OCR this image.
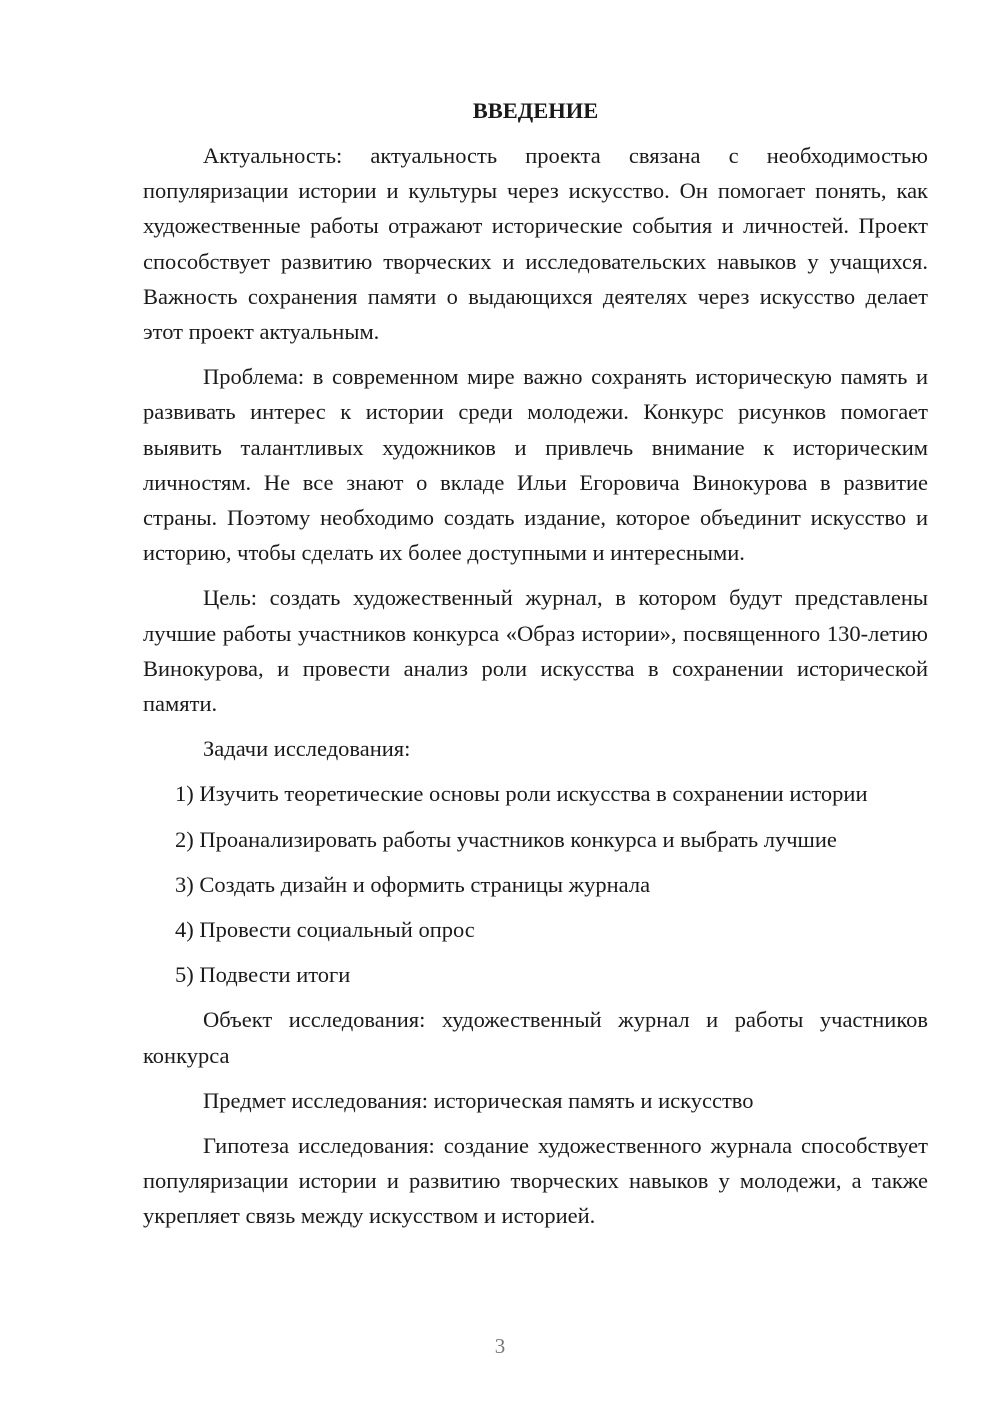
ВВЕДЕНИЕ

Актуальность: актуальность проекта связана с необходимостью популяризации истории и культуры через искусство. Он помогает понять, как художественные работы отражают исторические события и личностей. Проект способствует развитию творческих и исследовательских навыков у учащихся. Важность сохранения памяти о выдающихся деятелях через искусство делает этот проект актуальным.

Проблема: в современном мире важно сохранять историческую память и развивать интерес к истории среди молодежи. Конкурс рисунков помогает выявить талантливых художников и привлечь внимание к историческим личностям. Не все знают о вкладе Ильи Егоровича Винокурова в развитие страны. Поэтому необходимо создать издание, которое объединит искусство и историю, чтобы сделать их более доступными и интересными.

Цель: создать художественный журнал, в котором будут представлены лучшие работы участников конкурса «Образ истории», посвященного 130-летию Винокурова, и провести анализ роли искусства в сохранении исторической памяти.

Задачи исследования:

1) Изучить теоретические основы роли искусства в сохранении истории

2) Проанализировать работы участников конкурса и выбрать лучшие

3) Создать дизайн и оформить страницы журнала

4) Провести социальный опрос

5) Подвести итоги

Объект исследования: художественный журнал и работы участников конкурса

Предмет исследования: историческая память и искусство

Гипотеза исследования: создание художественного журнала способствует популяризации истории и развитию творческих навыков у молодежи, а также укрепляет связь между искусством и историей.

3
